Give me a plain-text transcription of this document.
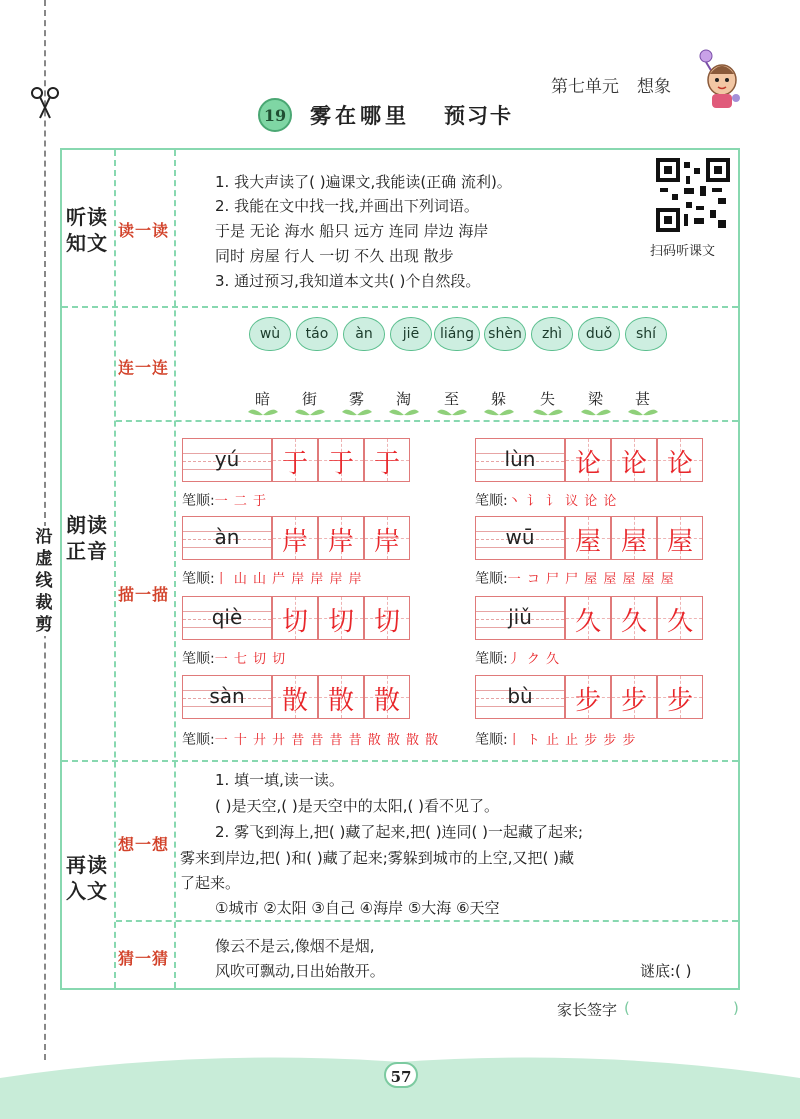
沿
虚
线
裁
剪
第七单元 想象
19 雾在哪里 预习卡
听读
知文
读一读
1. 我大声读了( )遍课文,我能读(正确 流利)。
2. 我能在文中找一找,并画出下列词语。
于是 无论 海水 船只 远方 连同 岸边 海岸
同时 房屋 行人 一切 不久 出现 散步
3. 通过预习,我知道本文共( )个自然段。
扫码听课文
朗读
正音
连一连
描一描
wù	táo	àn	jiē	liáng	shèn	zhì	duǒ	shí
暗 街 雾 淘 至 躲 失 梁 甚
yú	于 于 于
笔顺:一 二 于
lùn	论 论 论
笔顺:丶 讠 讠 议 论 论
àn	岸 岸 岸
笔顺:丨 山 山 屵 岸 岸 岸 岸
wū	屋 屋 屋
笔顺:一 コ 尸 尸 屋 屋 屋 屋 屋
qiè	切 切 切
笔顺:一 七 切 切
jiǔ	久 久 久
笔顺:丿 ク 久
sàn	散 散 散
笔顺:一 十 廾 廾 昔 昔 昔 昔 散 散 散 散
bù	步 步 步
笔顺:丨 ト 止 止 步 步 步
再读
入文
想一想
猜一猜
1. 填一填,读一读。
( )是天空,( )是天空中的太阳,( )看不见了。
2. 雾飞到海上,把( )藏了起来,把( )连同( )一起藏了起来;
雾来到岸边,把( )和( )藏了起来;雾躲到城市的上空,又把( )藏
了起来。
①城市 ②太阳 ③自己 ④海岸 ⑤大海 ⑥天空
像云不是云,像烟不是烟,
风吹可飘动,日出始散开。	谜底:( )
家长签字 (	)
57
